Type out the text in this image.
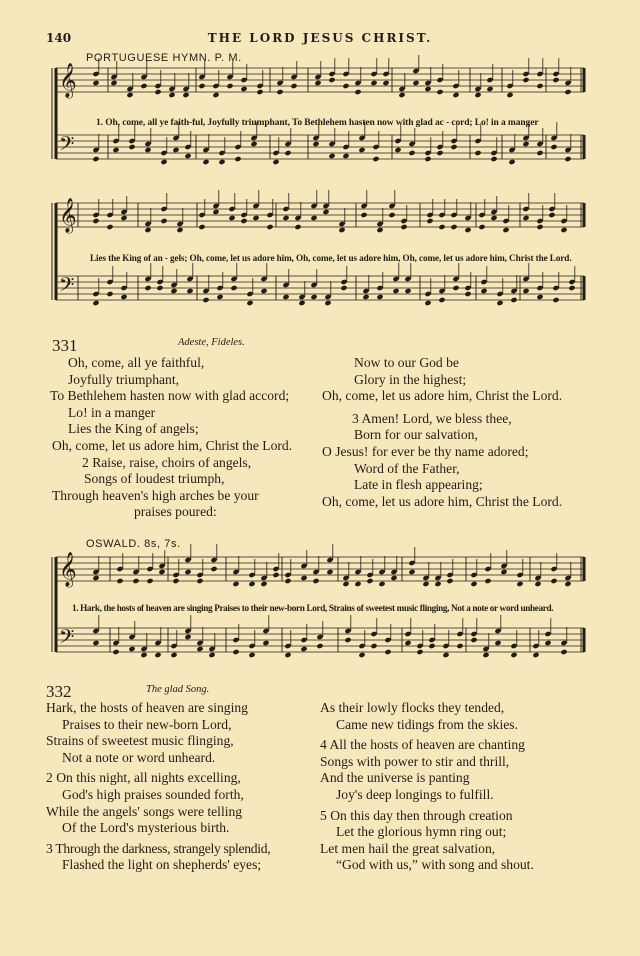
THE LORD JESUS CHRIST.
140
PORTUGUESE HYMN. P. M.
𝄞
𝄢
𝄞
𝄢
𝄞
𝄢
1. Oh, come, all ye faith-ful, Joyfully triumphant, To Bethlehem hasten now with glad ac - cord; Lo! in a manger
Lies the King of an - gels; Oh, come, let us adore him, Oh, come, let us adore him, Oh, come, let us adore him, Christ the Lord.
331	Adeste, Fideles.
Oh, come, all ye faithful,
Joyfully triumphant,
To Bethlehem hasten now with glad accord;
Lo! in a manger
Lies the King of angels;
Oh, come, let us adore him, Christ the Lord.
2 Raise, raise, choirs of angels,
Songs of loudest triumph,
Through heaven's high arches be your
praises poured:
Now to our God be
Glory in the highest;
Oh, come, let us adore him, Christ the Lord.
3 Amen! Lord, we bless thee,
Born for our salvation,
O Jesus! for ever be thy name adored;
Word of the Father,
Late in flesh appearing;
Oh, come, let us adore him, Christ the Lord.
OSWALD. 8s, 7s.
1. Hark, the hosts of heaven are singing Praises to their new-born Lord, Strains of sweetest music flinging, Not a note or word unheard.
332	The glad Song.
Hark, the hosts of heaven are singing
Praises to their new-born Lord,
Strains of sweetest music flinging,
Not a note or word unheard.
2 On this night, all nights excelling,
God's high praises sounded forth,
While the angels' songs were telling
Of the Lord's mysterious birth.
3 Through the darkness, strangely splendid,
Flashed the light on shepherds' eyes;
As their lowly flocks they tended,
Came new tidings from the skies.
4 All the hosts of heaven are chanting
Songs with power to stir and thrill,
And the universe is panting
Joy's deep longings to fulfill.
5 On this day then through creation
Let the glorious hymn ring out;
Let men hail the great salvation,
“God with us,” with song and shout.
